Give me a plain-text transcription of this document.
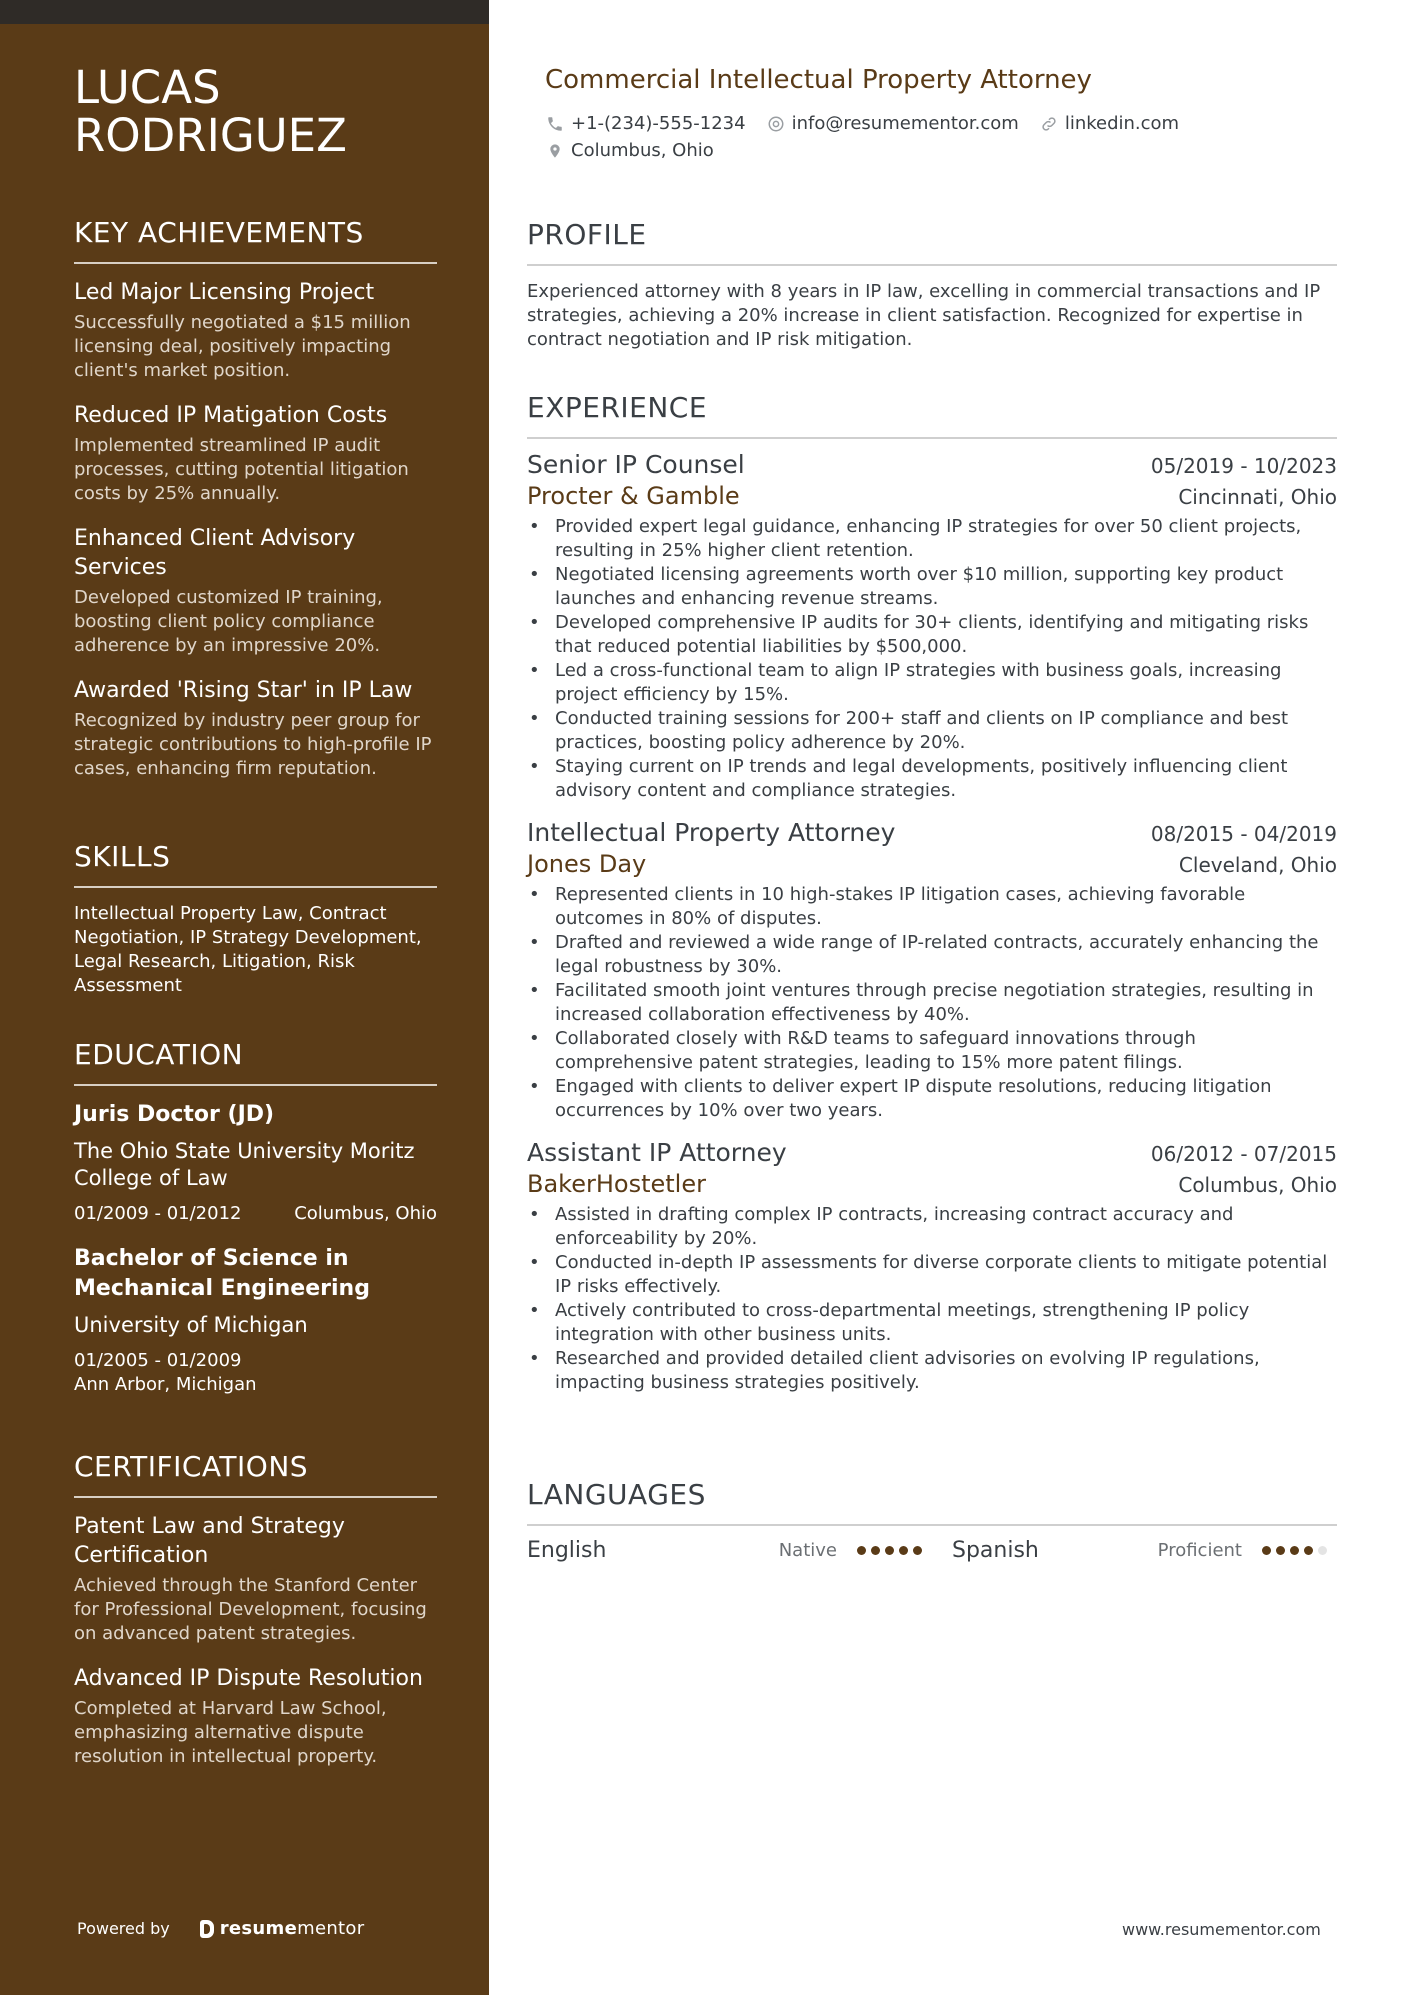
LUCAS RODRIGUEZ
KEY ACHIEVEMENTS
Led Major Licensing Project
Successfully negotiated a $15 million licensing deal, positively impacting client's market position.
Reduced IP Matigation Costs
Implemented streamlined IP audit processes, cutting potential litigation costs by 25% annually.
Enhanced Client Advisory Services
Developed customized IP training, boosting client policy compliance adherence by an impressive 20%.
Awarded 'Rising Star' in IP Law
Recognized by industry peer group for strategic contributions to high-profile IP cases, enhancing firm reputation.
SKILLS
Intellectual Property Law, Contract Negotiation, IP Strategy Development, Legal Research, Litigation, Risk Assessment
EDUCATION
Juris Doctor (JD)
The Ohio State University Moritz College of Law
01/2009 - 01/2012	Columbus, Ohio
Bachelor of Science in Mechanical Engineering
University of Michigan
01/2005 - 01/2009
Ann Arbor, Michigan
CERTIFICATIONS
Patent Law and Strategy Certification
Achieved through the Stanford Center for Professional Development, focusing on advanced patent strategies.
Advanced IP Dispute Resolution
Completed at Harvard Law School, emphasizing alternative dispute resolution in intellectual property.
Powered by	resume mentor
Commercial Intellectual Property Attorney
+1-(234)-555-1234	info@resumementor.com	linkedin.com
Columbus, Ohio
PROFILE
Experienced attorney with 8 years in IP law, excelling in commercial transactions and IP strategies, achieving a 20% increase in client satisfaction. Recognized for expertise in contract negotiation and IP risk mitigation.
EXPERIENCE
Senior IP Counsel	05/2019 - 10/2023
Procter & Gamble	Cincinnati, Ohio
• Provided expert legal guidance, enhancing IP strategies for over 50 client projects, resulting in 25% higher client retention.
• Negotiated licensing agreements worth over $10 million, supporting key product launches and enhancing revenue streams.
• Developed comprehensive IP audits for 30+ clients, identifying and mitigating risks that reduced potential liabilities by $500,000.
• Led a cross-functional team to align IP strategies with business goals, increasing project efficiency by 15%.
• Conducted training sessions for 200+ staff and clients on IP compliance and best practices, boosting policy adherence by 20%.
• Staying current on IP trends and legal developments, positively influencing client advisory content and compliance strategies.
Intellectual Property Attorney	08/2015 - 04/2019
Jones Day	Cleveland, Ohio
• Represented clients in 10 high-stakes IP litigation cases, achieving favorable outcomes in 80% of disputes.
• Drafted and reviewed a wide range of IP-related contracts, accurately enhancing the legal robustness by 30%.
• Facilitated smooth joint ventures through precise negotiation strategies, resulting in increased collaboration effectiveness by 40%.
• Collaborated closely with R&D teams to safeguard innovations through comprehensive patent strategies, leading to 15% more patent filings.
• Engaged with clients to deliver expert IP dispute resolutions, reducing litigation occurrences by 10% over two years.
Assistant IP Attorney	06/2012 - 07/2015
BakerHostetler	Columbus, Ohio
• Assisted in drafting complex IP contracts, increasing contract accuracy and enforceability by 20%.
• Conducted in-depth IP assessments for diverse corporate clients to mitigate potential IP risks effectively.
• Actively contributed to cross-departmental meetings, strengthening IP policy integration with other business units.
• Researched and provided detailed client advisories on evolving IP regulations, impacting business strategies positively.
LANGUAGES
English	Native	Spanish	Proficient
www.resumementor.com
